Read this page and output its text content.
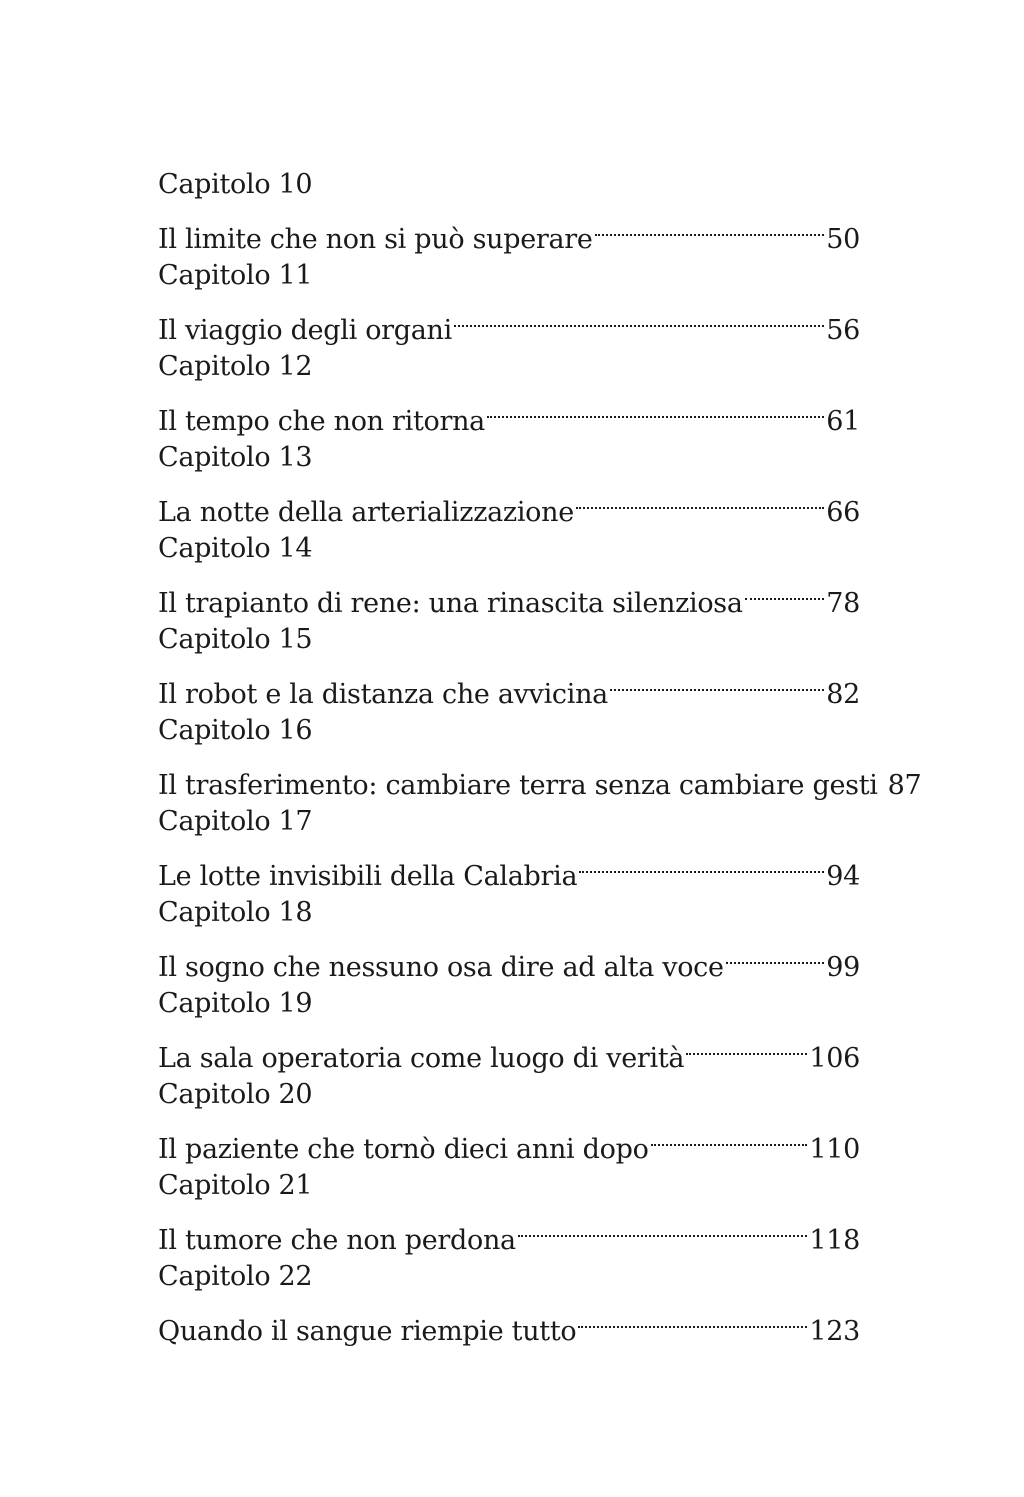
Capitolo 10
Il limite che non si può superare	50
Capitolo 11
Il viaggio degli organi	56
Capitolo 12
Il tempo che non ritorna	61
Capitolo 13
La notte della arterializzazione	66
Capitolo 14
Il trapianto di rene: una rinascita silenziosa	78
Capitolo 15
Il robot e la distanza che avvicina	82
Capitolo 16
Il trasferimento: cambiare terra senza cambiare gesti 87
Capitolo 17
Le lotte invisibili della Calabria	94
Capitolo 18
Il sogno che nessuno osa dire ad alta voce	99
Capitolo 19
La sala operatoria come luogo di verità	106
Capitolo 20
Il paziente che tornò dieci anni dopo	110
Capitolo 21
Il tumore che non perdona	118
Capitolo 22
Quando il sangue riempie tutto	123
